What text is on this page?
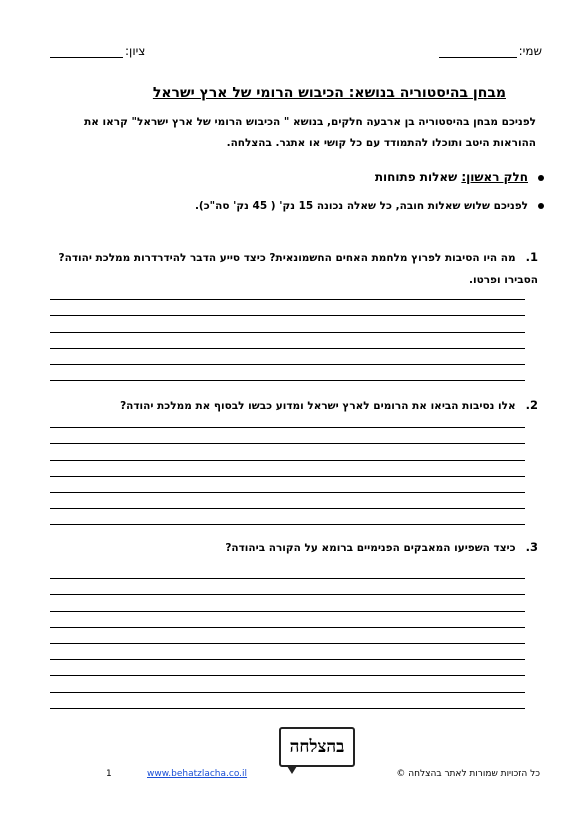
שמי:
ציון:
מבחן בהיסטוריה בנושא: הכיבוש הרומי של ארץ ישראל
לפניכם מבחן בהיסטוריה בן ארבעה חלקים, בנושא " הכיבוש הרומי של ארץ ישראל" קראו את ההוראות היטב ותוכלו להתמודד עם כל קושי או אתגר. בהצלחה.
חלק ראשון: שאלות פתוחות
לפניכם שלוש שאלות חובה, כל שאלה נכונה 15 נק' ( 45 נק' סה"כ).
1.מה היו הסיבות לפרוץ מלחמת האחים החשמונאית? כיצד סייע הדבר להידרדרות ממלכת יהודה? הסבירו ופרטו.
2.אלו נסיבות הביאו את הרומים לארץ ישראל ומדוע כבשו לבסוף את ממלכת יהודה?
3.כיצד השפיעו המאבקים הפנימיים ברומא על הקורה ביהודה?
בהצלחה
1	www.behatzlacha.co.il	כל הזכויות שמורות לאתר בהצלחה ©
